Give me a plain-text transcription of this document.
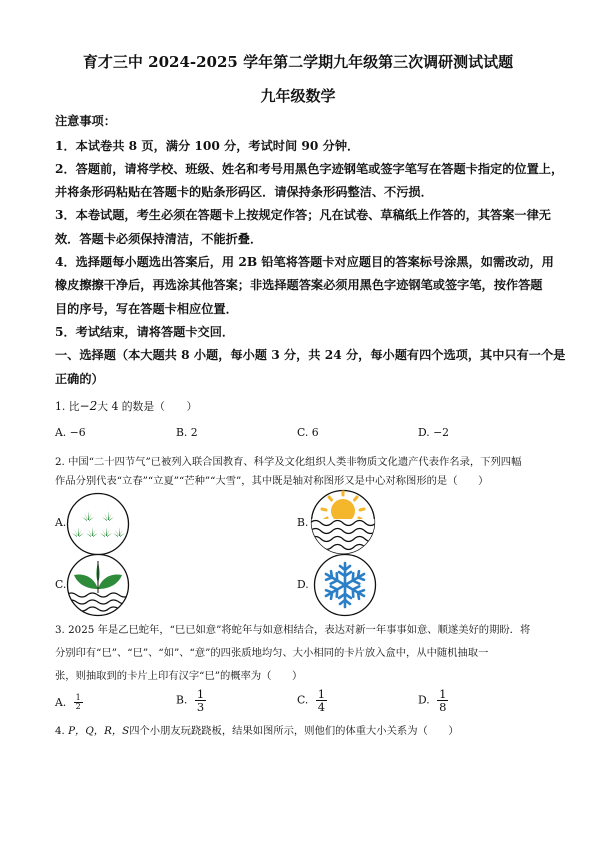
育才三中 2024-2025 学年第二学期九年级第三次调研测试试题
九年级数学
注意事项：
1．本试卷共 8 页，满分 100 分，考试时间 90 分钟．
2．答题前，请将学校、班级、姓名和考号用黑色字迹钢笔或签字笔写在答题卡指定的位置上，
并将条形码粘贴在答题卡的贴条形码区．请保持条形码整洁、不污损．
3．本卷试题，考生必须在答题卡上按规定作答；凡在试卷、草稿纸上作答的，其答案一律无
效．答题卡必须保持清洁，不能折叠．
4．选择题每小题选出答案后，用 2B 铅笔将答题卡对应题目的答案标号涂黑，如需改动，用
橡皮擦擦干净后，再选涂其他答案；非选择题答案必须用黑色字迹钢笔或签字笔，按作答题
目的序号，写在答题卡相应位置．
5．考试结束，请将答题卡交回．
一、选择题（本大题共 8 小题，每小题 3 分，共 24 分，每小题有四个选项，其中只有一个是
正确的）
1. 比−2大 4 的数是（　　）
A. −6	B. 2	C. 6	D. −2
2. 中国“二十四节气”已被列入联合国教育、科学及文化组织人类非物质文化遗产代表作名录，下列四幅
作品分别代表“立春”“立夏”“芒种”“大雪”，其中既是轴对称图形又是中心对称图形的是（　　）
A.	B.
C.	D.
3. 2025 年是乙巳蛇年，“巳已如意”将蛇年与如意相结合，表达对新一年事事如意、顺遂美好的期盼．将
分别印有“巳”、“巳”、“如”、“意”的四张质地均匀、大小相同的卡片放入盒中，从中随机抽取一
张，则抽取到的卡片上印有汉字“巳”的概率为（　　）
A. $\frac{1}{2}$	B. $\frac{1}{3}$	C. $\frac{1}{4}$	D. $\frac{1}{8}$
4. P，Q，R，S四个小朋友玩跷跷板，结果如图所示，则他们的体重大小关系为（　　）
